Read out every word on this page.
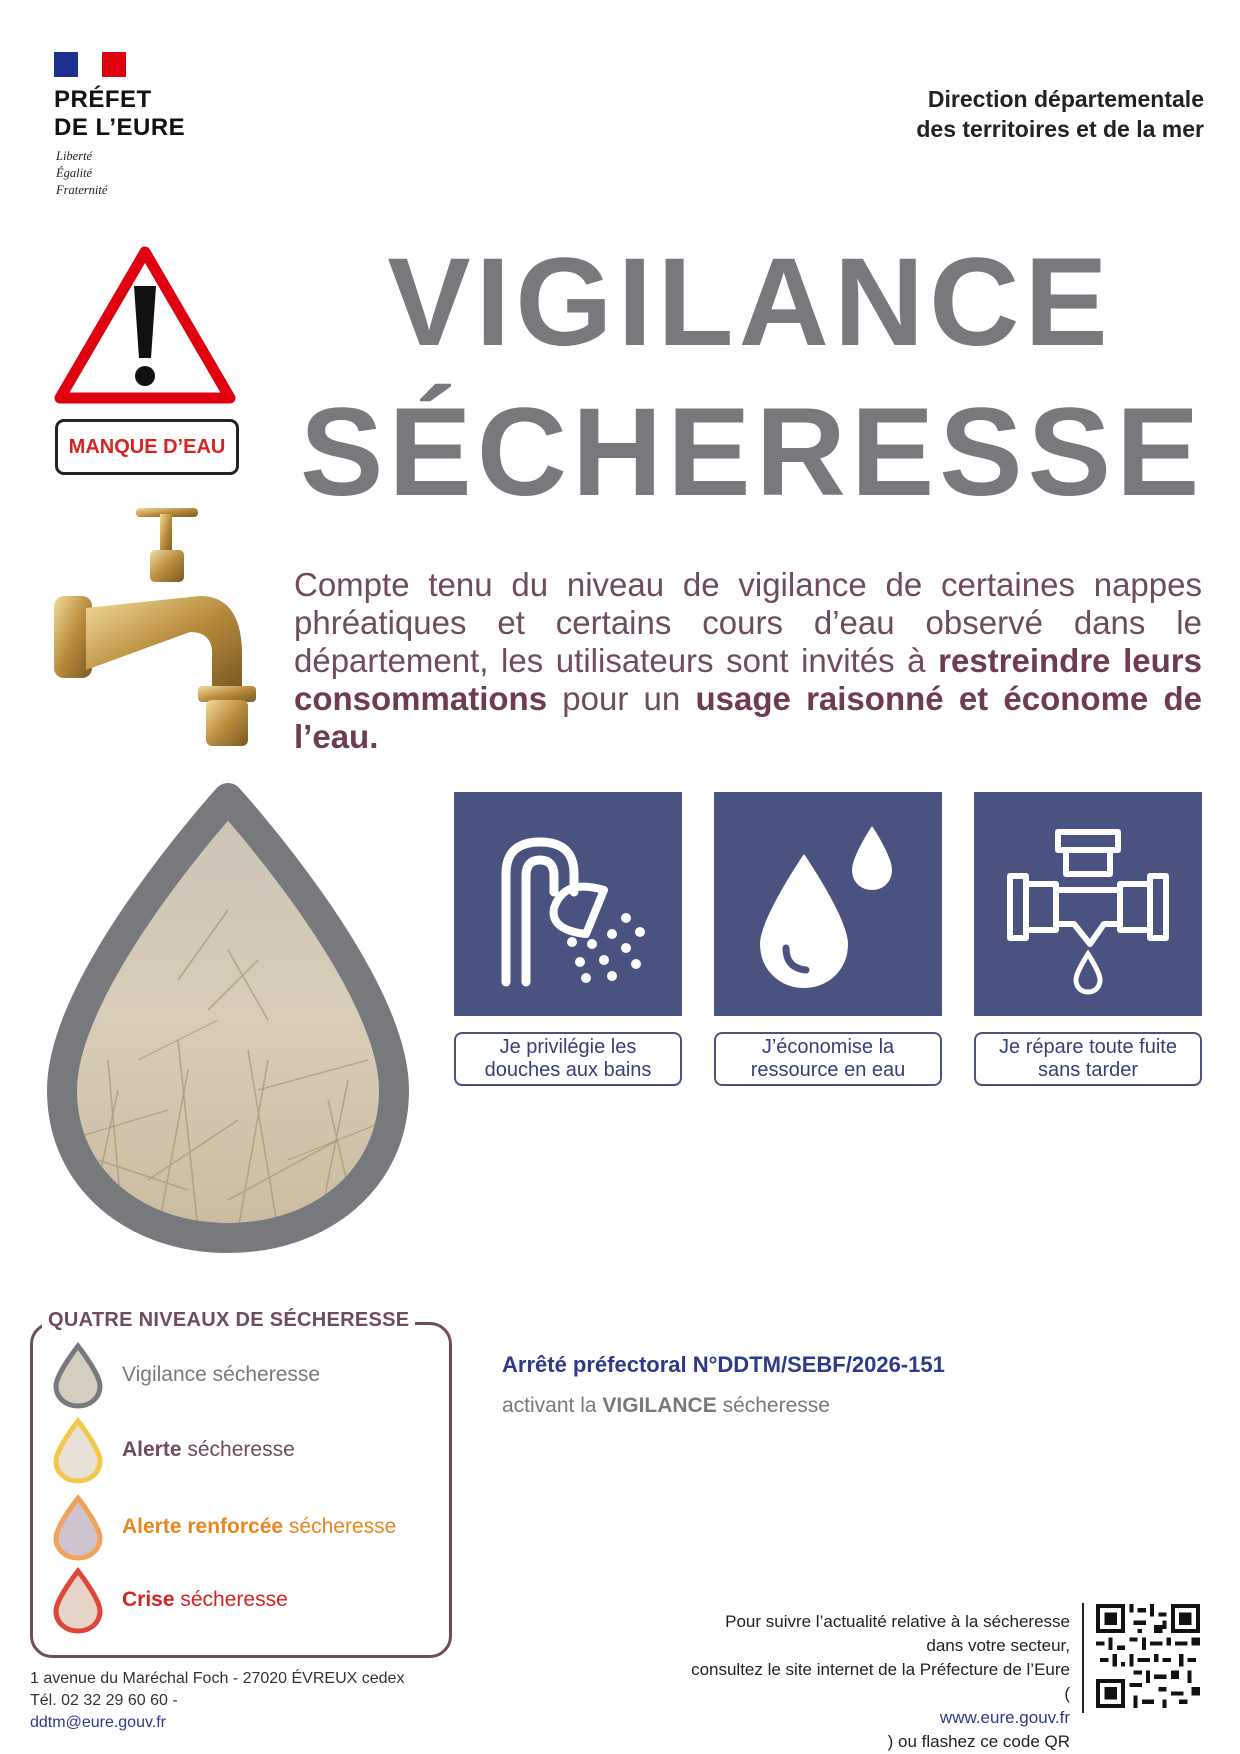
PRÉFET
DE L’EURE
Liberté
Égalité
Fraternité
Direction départementale
des territoires et de la mer
VIGILANCE
SÉCHERESSE
MANQUE D’EAU
Compte tenu du niveau de vigilance de certaines nappes phréatiques et certains cours d’eau observé dans le département, les utilisateurs sont invités à restreindre leurs consommations pour un usage raisonné et économe de l’eau.
Je privilégie les douches aux bains
J’économise la ressource en eau
Je répare toute fuite sans tarder
QUATRE NIVEAUX DE SÉCHERESSE
Vigilance sécheresse
Alerte sécheresse
Alerte renforcée sécheresse
Crise sécheresse
Arrêté préfectoral N°DDTM/SEBF/2026-151
activant la VIGILANCE sécheresse
Pour suivre l’actualité relative à la sécheresse
dans votre secteur,
consultez le site internet de la Préfecture de l’Eure
(
www.eure.gouv.fr
) ou flashez ce code QR
1 avenue du Maréchal Foch - 27020 ÉVREUX cedex
Tél. 02 32 29 60 60 -
ddtm@eure.gouv.fr
